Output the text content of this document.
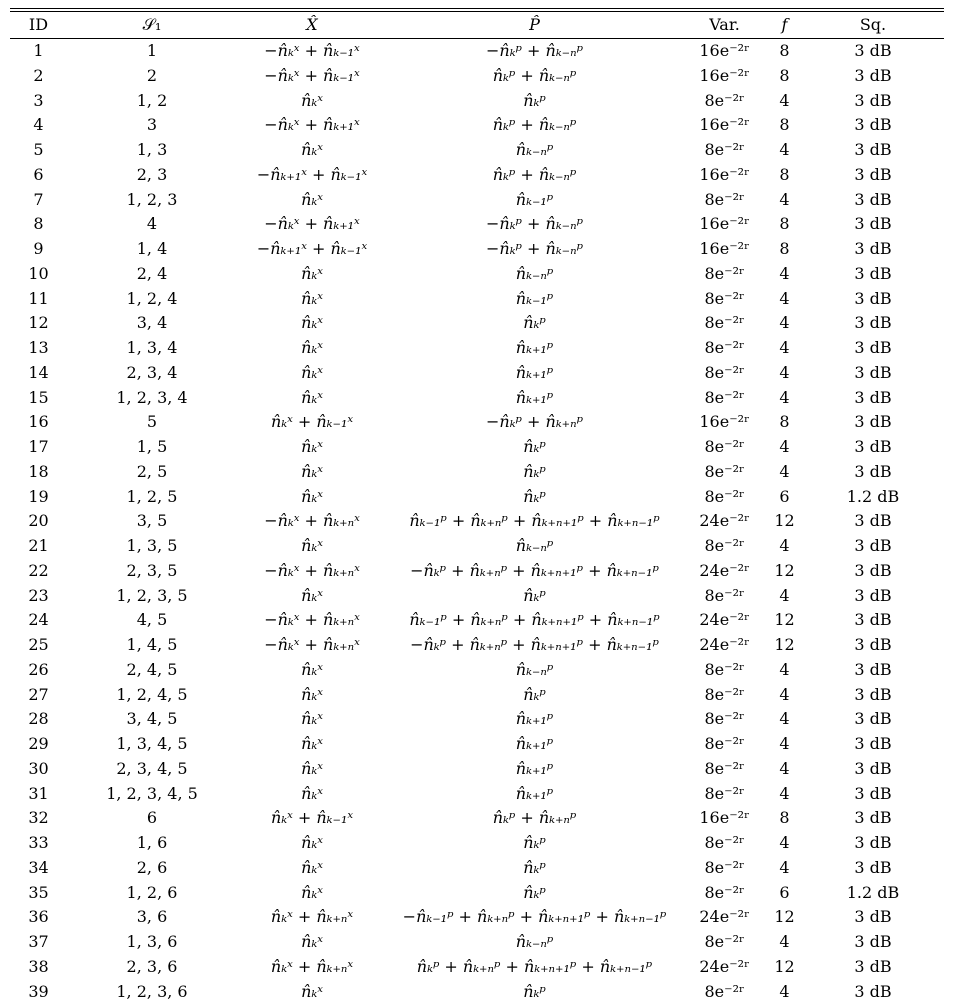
ID	𝒮₁	X̂	P̂	Var.	f	Sq.
1	1	−n̂ₖˣ + n̂ₖ₋₁ˣ	−n̂ₖᵖ + n̂ₖ₋ₙᵖ	16e⁻²ʳ	8	3 dB
2	2	−n̂ₖˣ + n̂ₖ₋₁ˣ	n̂ₖᵖ + n̂ₖ₋ₙᵖ	16e⁻²ʳ	8	3 dB
3	1, 2	n̂ₖˣ	n̂ₖᵖ	8e⁻²ʳ	4	3 dB
4	3	−n̂ₖˣ + n̂ₖ₊₁ˣ	n̂ₖᵖ + n̂ₖ₋ₙᵖ	16e⁻²ʳ	8	3 dB
5	1, 3	n̂ₖˣ	n̂ₖ₋ₙᵖ	8e⁻²ʳ	4	3 dB
6	2, 3	−n̂ₖ₊₁ˣ + n̂ₖ₋₁ˣ	n̂ₖᵖ + n̂ₖ₋ₙᵖ	16e⁻²ʳ	8	3 dB
7	1, 2, 3	n̂ₖˣ	n̂ₖ₋₁ᵖ	8e⁻²ʳ	4	3 dB
8	4	−n̂ₖˣ + n̂ₖ₊₁ˣ	−n̂ₖᵖ + n̂ₖ₋ₙᵖ	16e⁻²ʳ	8	3 dB
9	1, 4	−n̂ₖ₊₁ˣ + n̂ₖ₋₁ˣ	−n̂ₖᵖ + n̂ₖ₋ₙᵖ	16e⁻²ʳ	8	3 dB
10	2, 4	n̂ₖˣ	n̂ₖ₋ₙᵖ	8e⁻²ʳ	4	3 dB
11	1, 2, 4	n̂ₖˣ	n̂ₖ₋₁ᵖ	8e⁻²ʳ	4	3 dB
12	3, 4	n̂ₖˣ	n̂ₖᵖ	8e⁻²ʳ	4	3 dB
13	1, 3, 4	n̂ₖˣ	n̂ₖ₊₁ᵖ	8e⁻²ʳ	4	3 dB
14	2, 3, 4	n̂ₖˣ	n̂ₖ₊₁ᵖ	8e⁻²ʳ	4	3 dB
15	1, 2, 3, 4	n̂ₖˣ	n̂ₖ₊₁ᵖ	8e⁻²ʳ	4	3 dB
16	5	n̂ₖˣ + n̂ₖ₋₁ˣ	−n̂ₖᵖ + n̂ₖ₊ₙᵖ	16e⁻²ʳ	8	3 dB
17	1, 5	n̂ₖˣ	n̂ₖᵖ	8e⁻²ʳ	4	3 dB
18	2, 5	n̂ₖˣ	n̂ₖᵖ	8e⁻²ʳ	4	3 dB
19	1, 2, 5	n̂ₖˣ	n̂ₖᵖ	8e⁻²ʳ	6	1.2 dB
20	3, 5	−n̂ₖˣ + n̂ₖ₊ₙˣ	n̂ₖ₋₁ᵖ + n̂ₖ₊ₙᵖ + n̂ₖ₊ₙ₊₁ᵖ + n̂ₖ₊ₙ₋₁ᵖ	24e⁻²ʳ	12	3 dB
21	1, 3, 5	n̂ₖˣ	n̂ₖ₋ₙᵖ	8e⁻²ʳ	4	3 dB
22	2, 3, 5	−n̂ₖˣ + n̂ₖ₊ₙˣ	−n̂ₖᵖ + n̂ₖ₊ₙᵖ + n̂ₖ₊ₙ₊₁ᵖ + n̂ₖ₊ₙ₋₁ᵖ	24e⁻²ʳ	12	3 dB
23	1, 2, 3, 5	n̂ₖˣ	n̂ₖᵖ	8e⁻²ʳ	4	3 dB
24	4, 5	−n̂ₖˣ + n̂ₖ₊ₙˣ	n̂ₖ₋₁ᵖ + n̂ₖ₊ₙᵖ + n̂ₖ₊ₙ₊₁ᵖ + n̂ₖ₊ₙ₋₁ᵖ	24e⁻²ʳ	12	3 dB
25	1, 4, 5	−n̂ₖˣ + n̂ₖ₊ₙˣ	−n̂ₖᵖ + n̂ₖ₊ₙᵖ + n̂ₖ₊ₙ₊₁ᵖ + n̂ₖ₊ₙ₋₁ᵖ	24e⁻²ʳ	12	3 dB
26	2, 4, 5	n̂ₖˣ	n̂ₖ₋ₙᵖ	8e⁻²ʳ	4	3 dB
27	1, 2, 4, 5	n̂ₖˣ	n̂ₖᵖ	8e⁻²ʳ	4	3 dB
28	3, 4, 5	n̂ₖˣ	n̂ₖ₊₁ᵖ	8e⁻²ʳ	4	3 dB
29	1, 3, 4, 5	n̂ₖˣ	n̂ₖ₊₁ᵖ	8e⁻²ʳ	4	3 dB
30	2, 3, 4, 5	n̂ₖˣ	n̂ₖ₊₁ᵖ	8e⁻²ʳ	4	3 dB
31	1, 2, 3, 4, 5	n̂ₖˣ	n̂ₖ₊₁ᵖ	8e⁻²ʳ	4	3 dB
32	6	n̂ₖˣ + n̂ₖ₋₁ˣ	n̂ₖᵖ + n̂ₖ₊ₙᵖ	16e⁻²ʳ	8	3 dB
33	1, 6	n̂ₖˣ	n̂ₖᵖ	8e⁻²ʳ	4	3 dB
34	2, 6	n̂ₖˣ	n̂ₖᵖ	8e⁻²ʳ	4	3 dB
35	1, 2, 6	n̂ₖˣ	n̂ₖᵖ	8e⁻²ʳ	6	1.2 dB
36	3, 6	n̂ₖˣ + n̂ₖ₊ₙˣ	−n̂ₖ₋₁ᵖ + n̂ₖ₊ₙᵖ + n̂ₖ₊ₙ₊₁ᵖ + n̂ₖ₊ₙ₋₁ᵖ	24e⁻²ʳ	12	3 dB
37	1, 3, 6	n̂ₖˣ	n̂ₖ₋ₙᵖ	8e⁻²ʳ	4	3 dB
38	2, 3, 6	n̂ₖˣ + n̂ₖ₊ₙˣ	n̂ₖᵖ + n̂ₖ₊ₙᵖ + n̂ₖ₊ₙ₊₁ᵖ + n̂ₖ₊ₙ₋₁ᵖ	24e⁻²ʳ	12	3 dB
39	1, 2, 3, 6	n̂ₖˣ	n̂ₖᵖ	8e⁻²ʳ	4	3 dB
